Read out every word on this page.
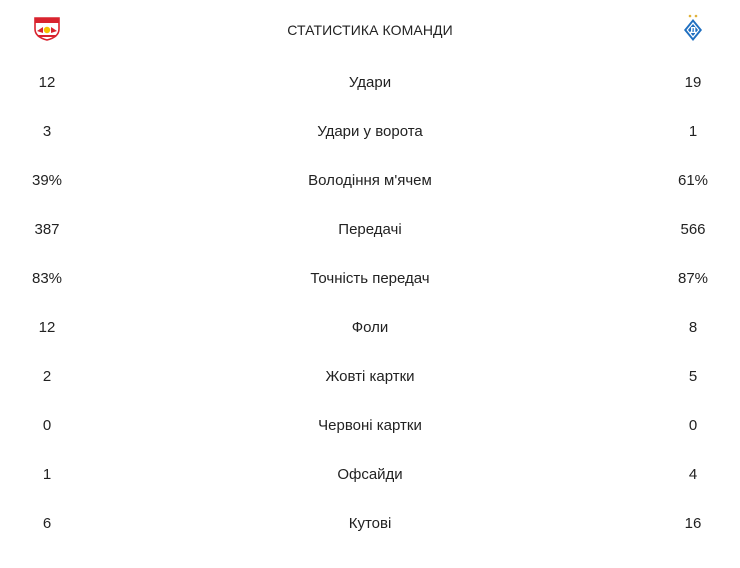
СТАТИСТИКА КОМАНДИ	Д
12	Удари	19
3	Удари у ворота	1
39%	Володіння м'ячем	61%
387	Передачі	566
83%	Точність передач	87%
12	Фоли	8
2	Жовті картки	5
0	Червоні картки	0
1	Офсайди	4
6	Кутові	16
